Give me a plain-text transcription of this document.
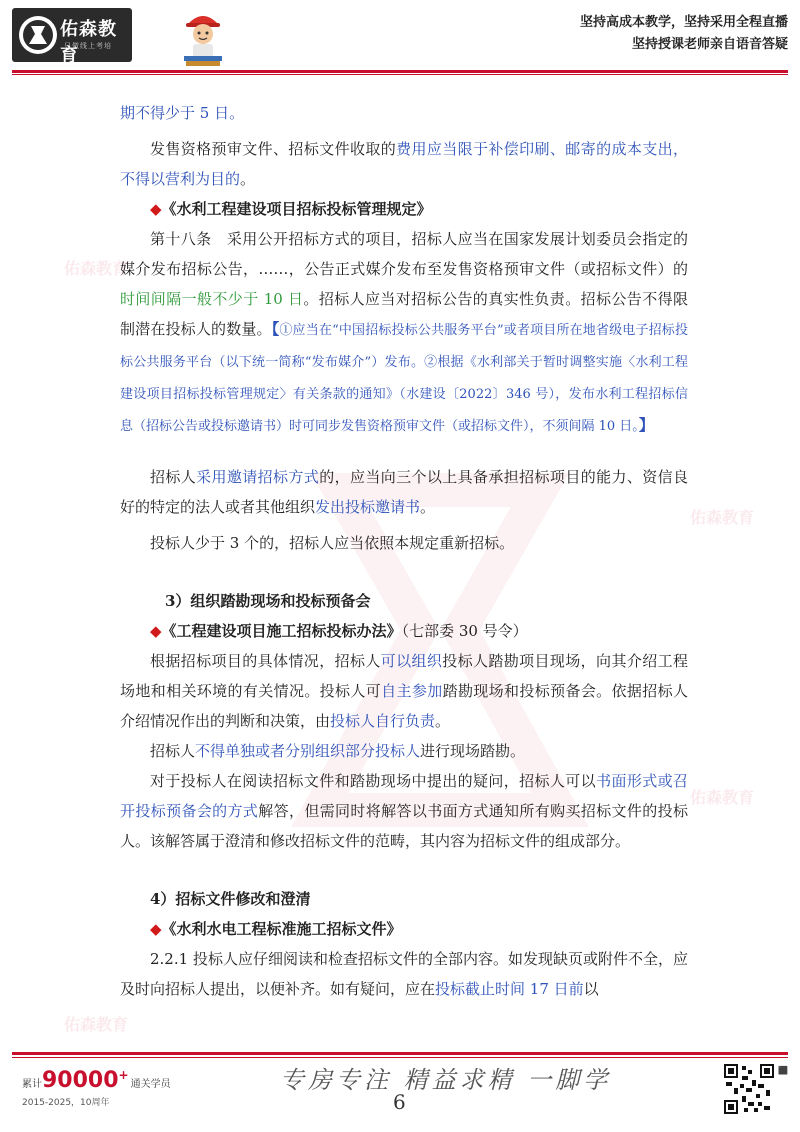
佑森教育
只做线上考培
坚持高成本教学，坚持采用全程直播
坚持授课老师亲自语音答疑
佑森教育
佑森教育
佑森教育
佑森教育

期不得少于 5 日。

发售资格预审文件、招标文件收取的费用应当限于补偿印刷、邮寄的成本支出，不得以营利为目的。

◆《水利工程建设项目招标投标管理规定》

第十八条　采用公开招标方式的项目，招标人应当在国家发展计划委员会指定的媒介发布招标公告，……，公告正式媒介发布至发售资格预审文件（或招标文件）的时间间隔一般不少于 10 日。招标人应当对招标公告的真实性负责。招标公告不得限制潜在投标人的数量。【①应当在“中国招标投标公共服务平台”或者项目所在地省级电子招标投标公共服务平台（以下统一简称“发布媒介”）发布。②根据《水利部关于暂时调整实施〈水利工程建设项目招标投标管理规定〉有关条款的通知》（水建设〔2022〕346 号），发布水利工程招标信息（招标公告或投标邀请书）时可同步发售资格预审文件（或招标文件），不须间隔 10 日。】

招标人采用邀请招标方式的，应当向三个以上具备承担招标项目的能力、资信良好的特定的法人或者其他组织发出投标邀请书。

投标人少于 3 个的，招标人应当依照本规定重新招标。

3）组织踏勘现场和投标预备会

◆《工程建设项目施工招标投标办法》（七部委 30 号令）

根据招标项目的具体情况，招标人可以组织投标人踏勘项目现场，向其介绍工程场地和相关环境的有关情况。投标人可自主参加踏勘现场和投标预备会。依据招标人介绍情况作出的判断和决策，由投标人自行负责。

招标人不得单独或者分别组织部分投标人进行现场踏勘。

对于投标人在阅读招标文件和踏勘现场中提出的疑问，招标人可以书面形式或召开投标预备会的方式解答，但需同时将解答以书面方式通知所有购买招标文件的投标人。该解答属于澄清和修改招标文件的范畴，其内容为招标文件的组成部分。

4）招标文件修改和澄清

◆《水利水电工程标准施工招标文件》

2.2.1 投标人应仔细阅读和检查招标文件的全部内容。如发现缺页或附件不全，应及时向招标人提出，以便补齐。如有疑问，应在投标截止时间 17 日前以

累计90000+通关学员
2015-2025，10周年
专房专注 精益求精 一脚学
6
⬛
